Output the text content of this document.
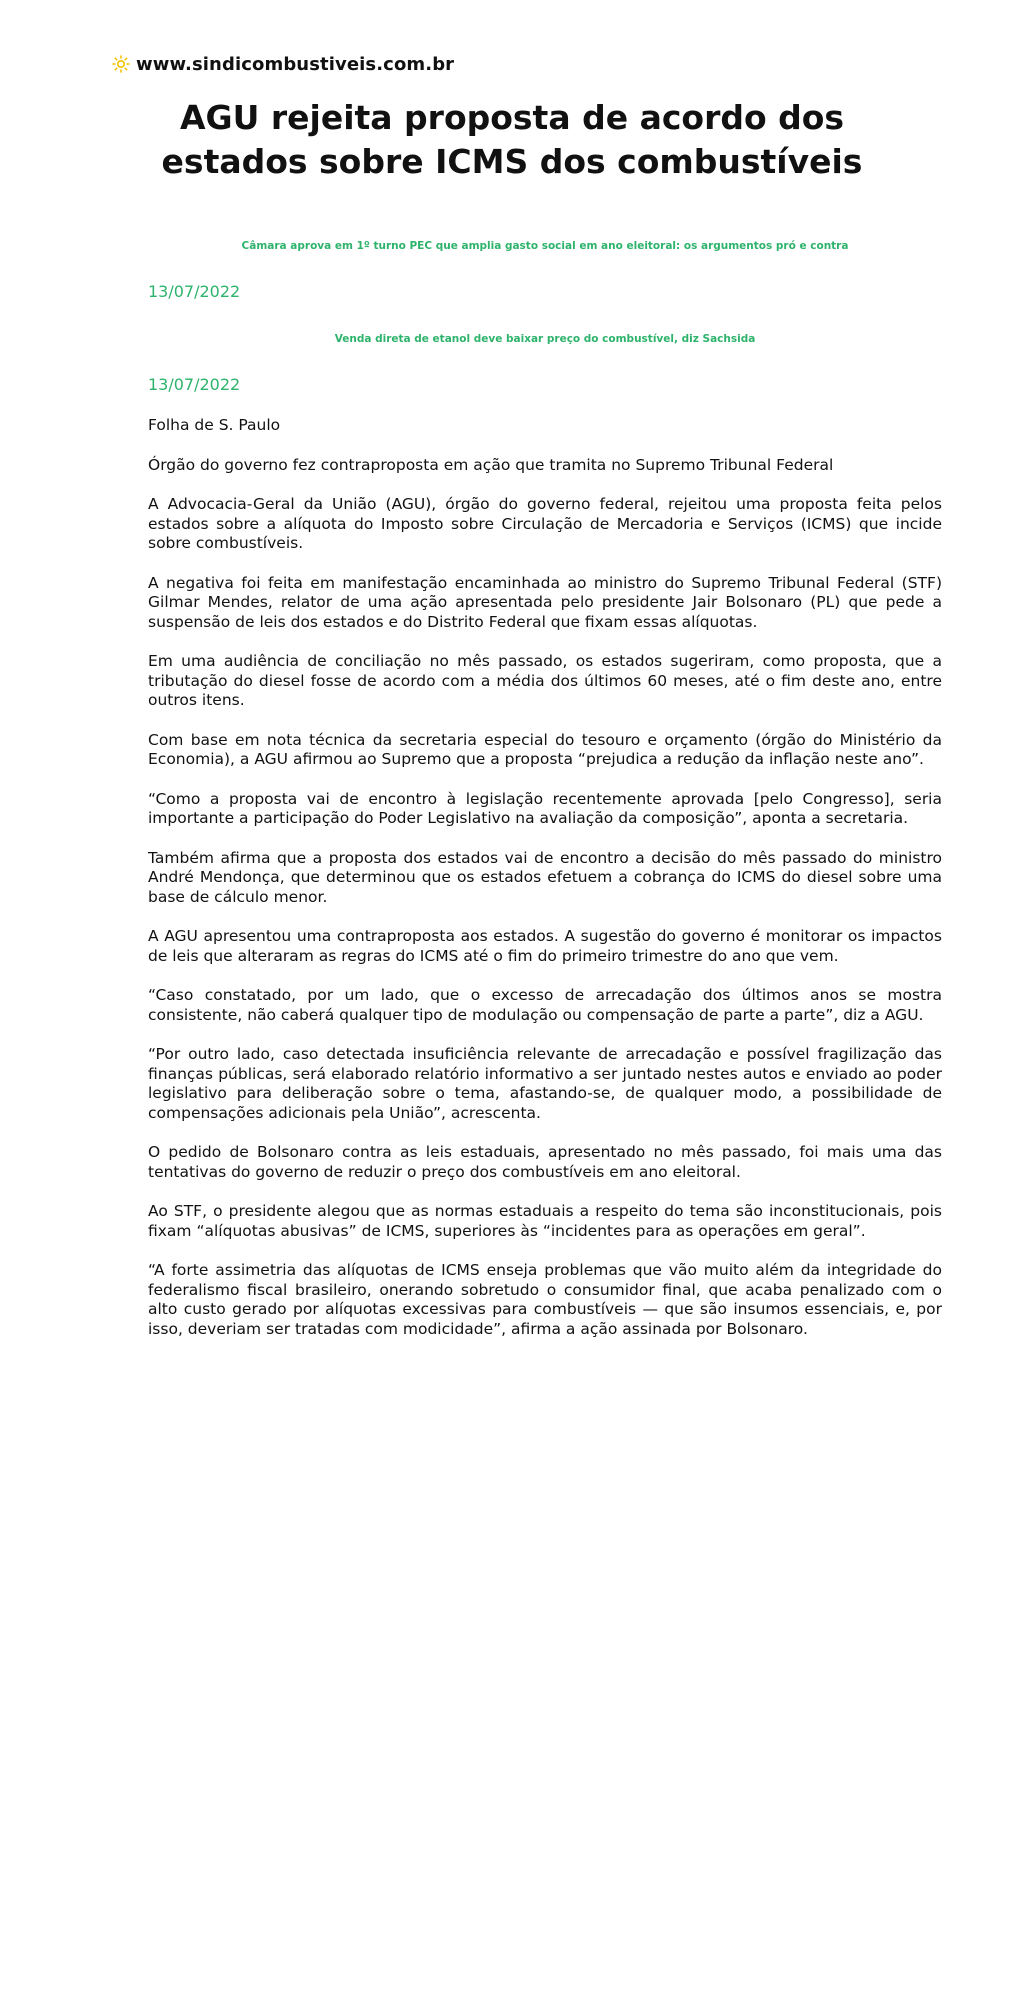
www.sindicombustiveis.com.br
AGU rejeita proposta de acordo dos estados sobre ICMS dos combustíveis
Câmara aprova em 1º turno PEC que amplia gasto social em ano eleitoral: os argumentos pró e contra
13/07/2022
Venda direta de etanol deve baixar preço do combustível, diz Sachsida
13/07/2022

Folha de S. Paulo

Órgão do governo fez contraproposta em ação que tramita no Supremo Tribunal Federal

A Advocacia-Geral da União (AGU), órgão do governo federal, rejeitou uma proposta feita pelos estados sobre a alíquota do Imposto sobre Circulação de Mercadoria e Serviços (ICMS) que incide sobre combustíveis.

A negativa foi feita em manifestação encaminhada ao ministro do Supremo Tribunal Federal (STF) Gilmar Mendes, relator de uma ação apresentada pelo presidente Jair Bolsonaro (PL) que pede a suspensão de leis dos estados e do Distrito Federal que fixam essas alíquotas.

Em uma audiência de conciliação no mês passado, os estados sugeriram, como proposta, que a tributação do diesel fosse de acordo com a média dos últimos 60 meses, até o fim deste ano, entre outros itens.

Com base em nota técnica da secretaria especial do tesouro e orçamento (órgão do Ministério da Economia), a AGU afirmou ao Supremo que a proposta “prejudica a redução da inflação neste ano”.

“Como a proposta vai de encontro à legislação recentemente aprovada [pelo Congresso], seria importante a participação do Poder Legislativo na avaliação da composição”, aponta a secretaria.

Também afirma que a proposta dos estados vai de encontro a decisão do mês passado do ministro André Mendonça, que determinou que os estados efetuem a cobrança do ICMS do diesel sobre uma base de cálculo menor.

A AGU apresentou uma contraproposta aos estados. A sugestão do governo é monitorar os impactos de leis que alteraram as regras do ICMS até o fim do primeiro trimestre do ano que vem.

“Caso constatado, por um lado, que o excesso de arrecadação dos últimos anos se mostra consistente, não caberá qualquer tipo de modulação ou compensação de parte a parte”, diz a AGU.

“Por outro lado, caso detectada insuficiência relevante de arrecadação e possível fragilização das finanças públicas, será elaborado relatório informativo a ser juntado nestes autos e enviado ao poder legislativo para deliberação sobre o tema, afastando-se, de qualquer modo, a possibilidade de compensações adicionais pela União”, acrescenta.

O pedido de Bolsonaro contra as leis estaduais, apresentado no mês passado, foi mais uma das tentativas do governo de reduzir o preço dos combustíveis em ano eleitoral.

Ao STF, o presidente alegou que as normas estaduais a respeito do tema são inconstitucionais, pois fixam “alíquotas abusivas” de ICMS, superiores às “incidentes para as operações em geral”.

“A forte assimetria das alíquotas de ICMS enseja problemas que vão muito além da integridade do federalismo fiscal brasileiro, onerando sobretudo o consumidor final, que acaba penalizado com o alto custo gerado por alíquotas excessivas para combustíveis — que são insumos essenciais, e, por isso, deveriam ser tratadas com modicidade”, afirma a ação assinada por Bolsonaro.
